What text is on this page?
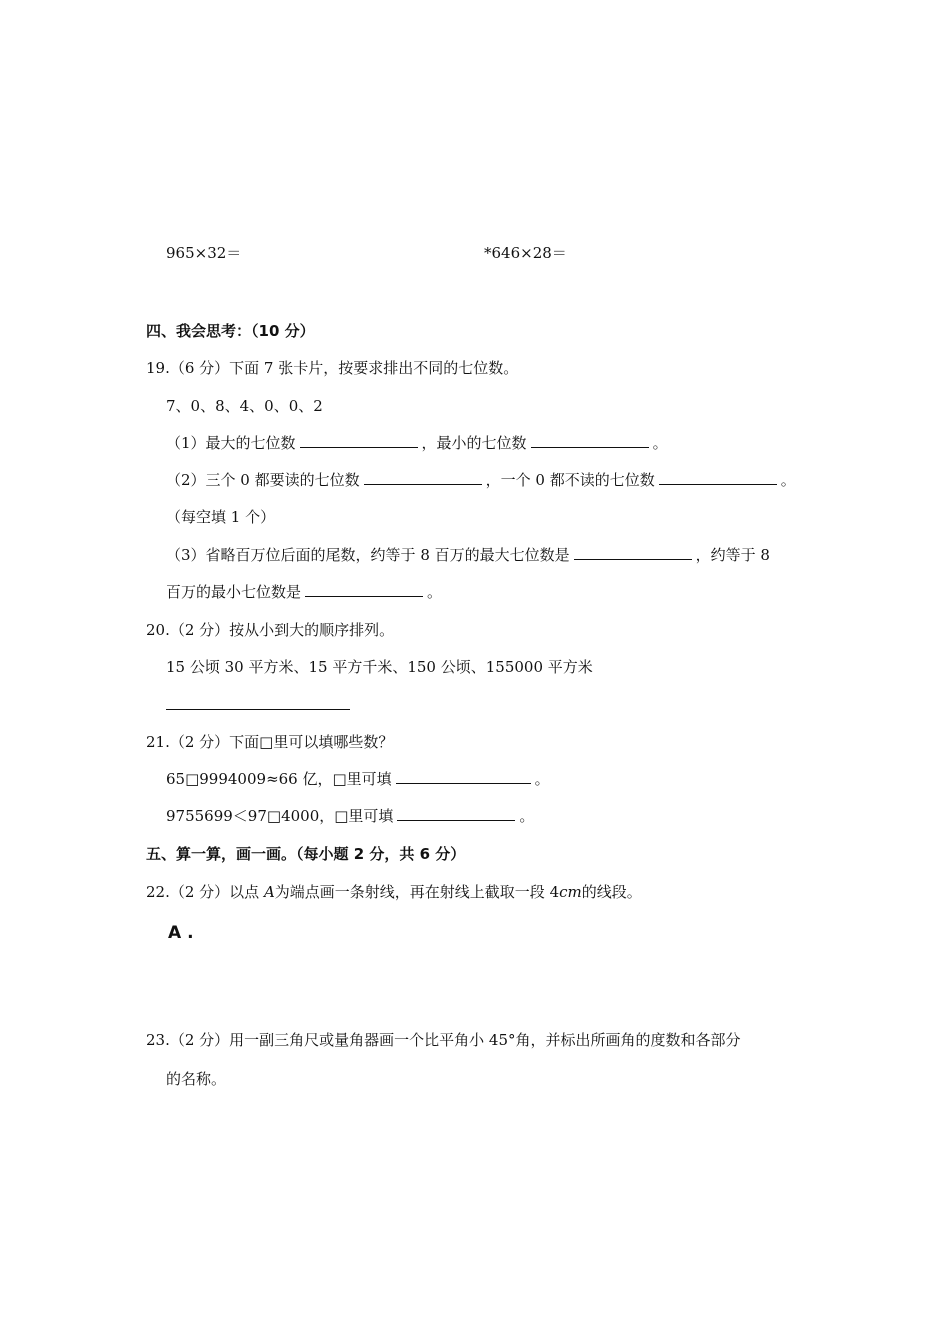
965×32＝	*646×28＝
四、我会思考：（10 分）
19.（6 分）下面 7 张卡片，按要求排出不同的七位数。
7、0、8、4、0、0、2
（1）最大的七位数	，最小的七位数	。
（2）三个 0 都要读的七位数	，一个 0 都不读的七位数	。
（每空填 1 个）
（3）省略百万位后面的尾数，约等于 8 百万的最大七位数是	，约等于 8
百万的最小七位数是	。
20.（2 分）按从小到大的顺序排列。
15 公顷 30 平方米、15 平方千米、150 公顷、155000 平方米
21.（2 分）下面□里可以填哪些数？
65□9994009≈66 亿，□里可填	。
9755699＜97□4000，□里可填	。
五、算一算，画一画。（每小题 2 分，共 6 分）
22.（2 分）以点 A为端点画一条射线，再在射线上截取一段 4cm的线段。
A .
23.（2 分）用一副三角尺或量角器画一个比平角小 45°角，并标出所画角的度数和各部分
的名称。
